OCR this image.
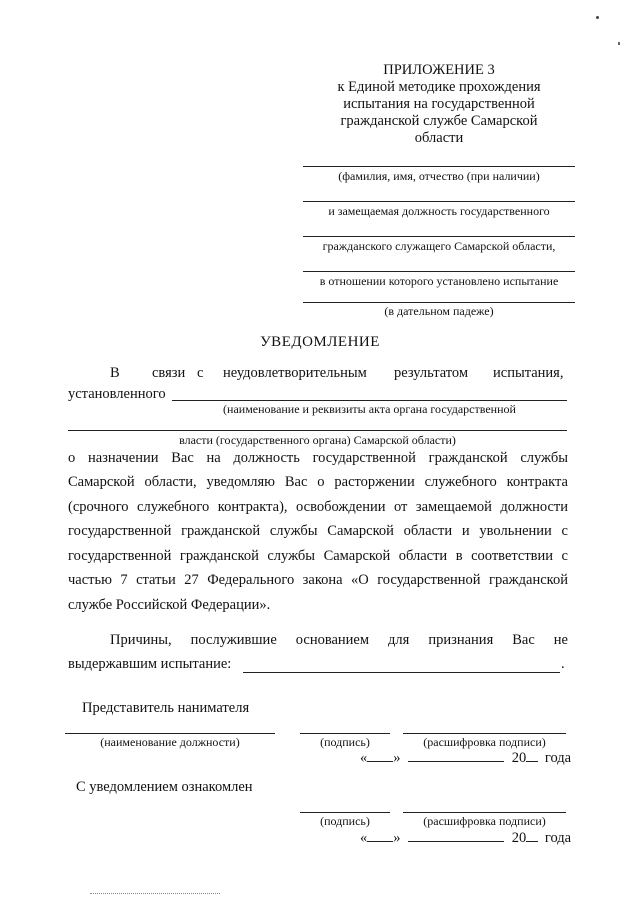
ПРИЛОЖЕНИЕ 3
к Единой методике прохождения
испытания на государственной
гражданской службе Самарской
области
(фамилия, имя, отчество (при наличии)
и замещаемая должность государственного
гражданского служащего Самарской области,
в отношении которого установлено испытание
(в дательном падеже)
УВЕДОМЛЕНИЕ
В связи с неудовлетворительным результатом испытания,
установленного
(наименование и реквизиты акта органа государственной
власти (государственного органа) Самарской области)
о назначении Вас на должность государственной гражданской службы
Самарской области, уведомляю Вас о расторжении служебного контракта
(срочного служебного контракта), освобождении от замещаемой должности
государственной гражданской службы Самарской области и увольнении с
государственной гражданской службы Самарской области в соответствии с
частью 7 статьи 27 Федерального закона «О государственной гражданской
службе Российской Федерации».
Причины, послужившие основанием для признания Вас не
выдержавшим испытание:	.
Представитель нанимателя
(наименование должности)	(подпись)	(расшифровка подписи)
« »	20 года
С уведомлением ознакомлен
(подпись)	(расшифровка подписи)
« »	20 года
